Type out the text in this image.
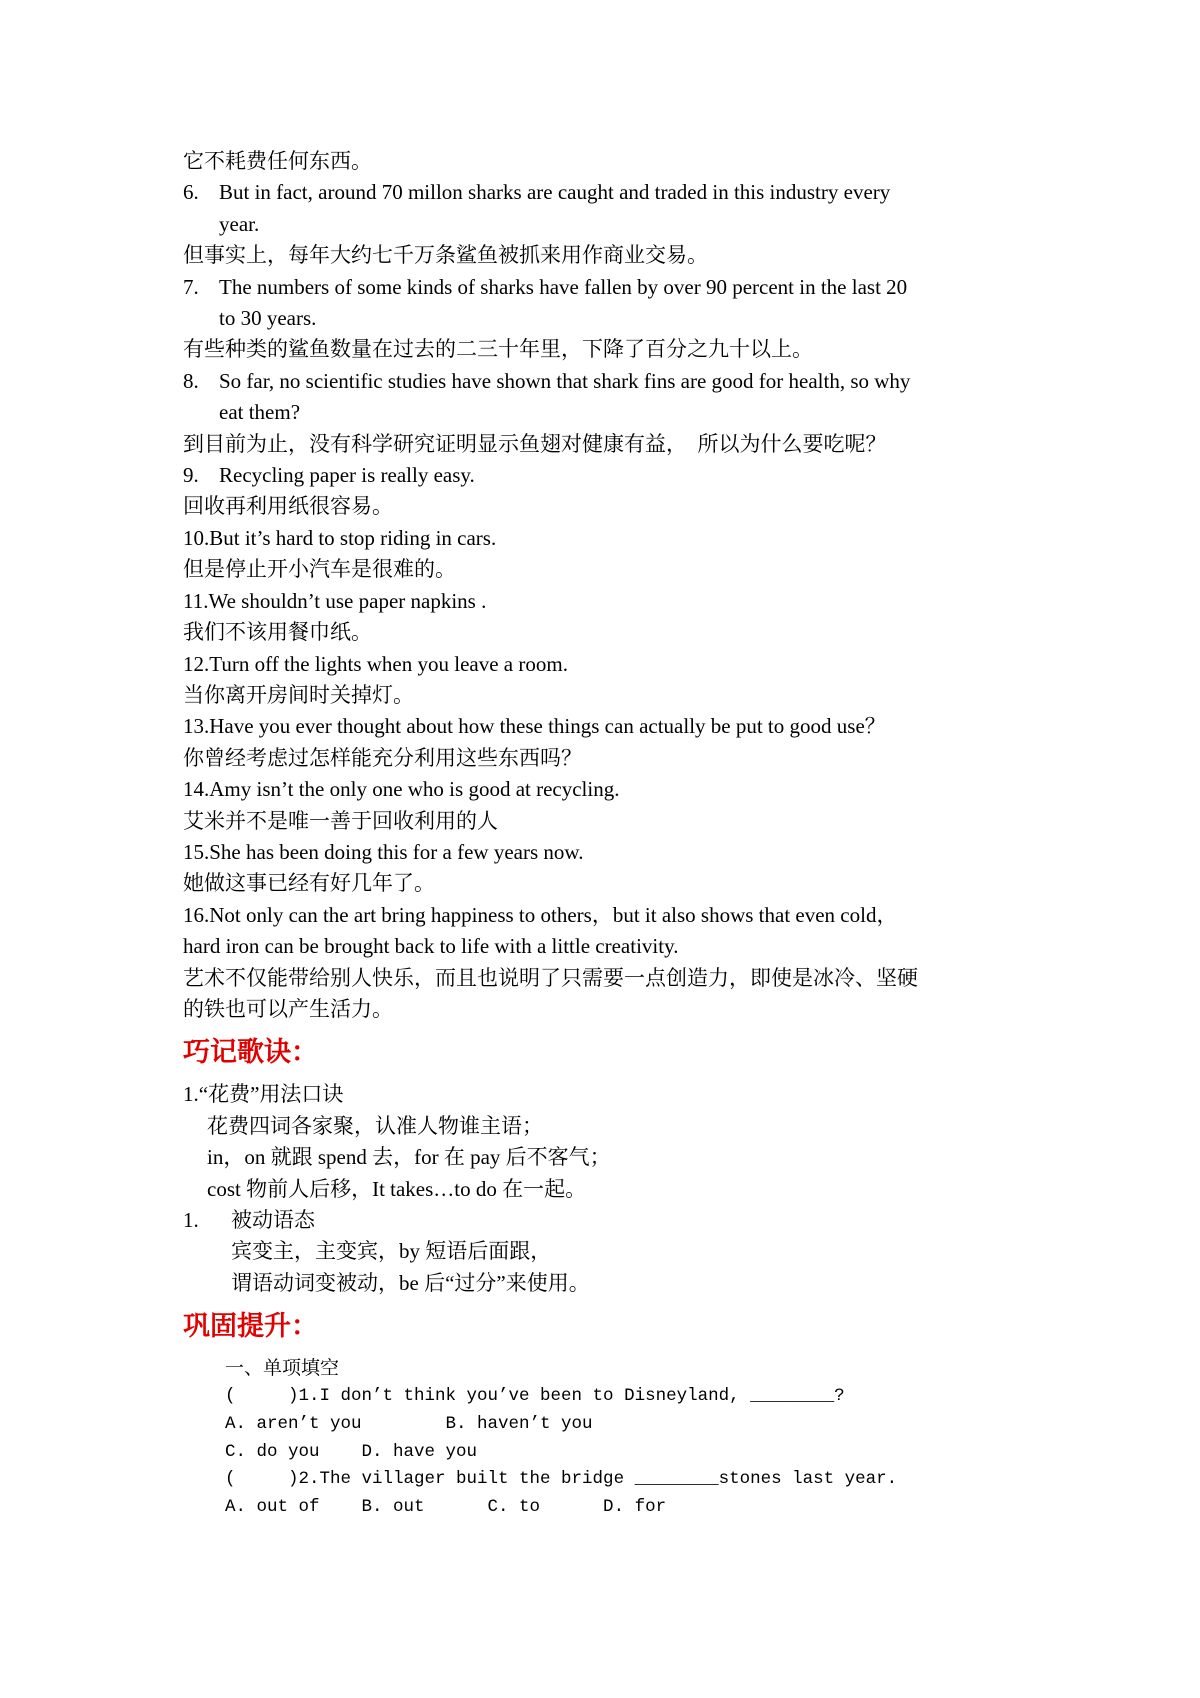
它不耗费任何东西。
6. But in fact, around 70 millon sharks are caught and traded in this industry every
year.
但事实上，每年大约七千万条鲨鱼被抓来用作商业交易。
7. The numbers of some kinds of sharks have fallen by over 90 percent in the last 20
to 30 years.
有些种类的鲨鱼数量在过去的二三十年里，下降了百分之九十以上。
8. So far, no scientific studies have shown that shark fins are good for health, so why
eat them?
到目前为止，没有科学研究证明显示鱼翅对健康有益，　所以为什么要吃呢？
9. Recycling paper is really easy.
回收再利用纸很容易。
10.But it’s hard to stop riding in cars.
但是停止开小汽车是很难的。
11.We shouldn’t use paper napkins .
我们不该用餐巾纸。
12.Turn off the lights when you leave a room.
当你离开房间时关掉灯。
13.Have you ever thought about how these things can actually be put to good use？
你曾经考虑过怎样能充分利用这些东西吗？
14.Amy isn’t the only one who is good at recycling.
艾米并不是唯一善于回收利用的人
15.She has been doing this for a few years now.
她做这事已经有好几年了。
16.Not only can the art bring happiness to others，but it also shows that even cold，
hard iron can be brought back to life with a little creativity.
艺术不仅能带给别人快乐，而且也说明了只需要一点创造力，即使是冰冷、坚硬
的铁也可以产生活力。
巧记歌诀：
1.“花费”用法口诀
花费四词各家聚，认准人物谁主语；
in，on 就跟 spend 去，for 在 pay 后不客气；
cost 物前人后移，It takes…to do 在一起。
1. 被动语态
宾变主，主变宾，by 短语后面跟，
谓语动词变被动，be 后“过分”来使用。
巩固提升：
一、单项填空
(     )1.I don’t think you’ve been to Disneyland, ________?
A. aren’t you        B. haven’t you
C. do you    D. have you
(     )2.The villager built the bridge ________stones last year.
A. out of    B. out      C. to      D. for
